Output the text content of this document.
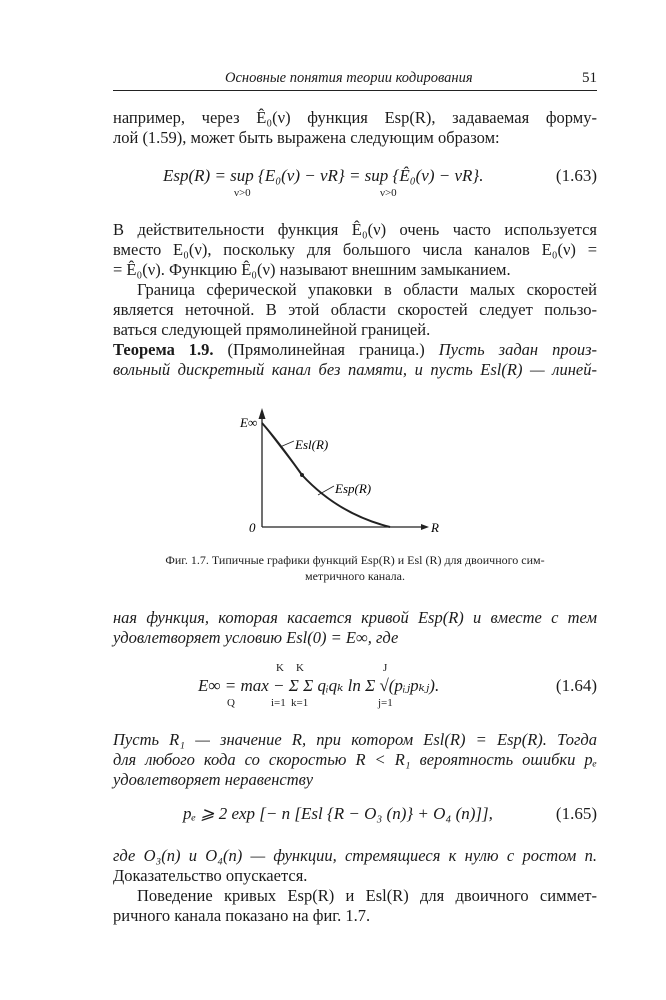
Основные понятия теории кодирования	51
например, через Ê₀(ν) функция Esp(R), задаваемая форму-
лой (1.59), может быть выражена следующим образом:
Esp(R) = sup {E₀(ν) − νR} = sup {Ê₀(ν) − νR}.
ν>0	ν>0
(1.63)
В действительности функция Ê₀(ν) очень часто используется
вместо E₀(ν), поскольку для большого числа каналов E₀(ν) =
= Ê₀(ν). Функцию Ê₀(ν) называют внешним замыканием.
Граница сферической упаковки в области малых скоростей
является неточной. В этой области скоростей следует пользо-
ваться следующей прямолинейной границей.
Теорема 1.9. (Прямолинейная граница.) Пусть задан произ-
вольный дискретный канал без памяти, и пусть Esl(R) — линей-
E∞
0	R
Esl(R)
Esp(R)
Фиг. 1.7. Типичные графики функций Esp(R) и Esl (R) для двоичного сим-
метричного канала.
ная функция, которая касается кривой Esp(R) и вместе с тем
удовлетворяет условию Esl(0) = E∞, где
E∞ = max − Σ Σ qᵢqₖ ln Σ √(pᵢⱼpₖⱼ).
Q
K
i=1
K
k=1
J
j=1
(1.64)
Пусть R₁ — значение R, при котором Esl(R) = Esp(R). Тогда
для любого кода со скоростью R < R₁ вероятность ошибки pₑ
удовлетворяет неравенству
pₑ ⩾ 2 exp [− n [Esl {R − O₃ (n)} + O₄ (n)]],	(1.65)
где O₃(n) и O₄(n) — функции, стремящиеся к нулю с ростом n.
Доказательство опускается.
Поведение кривых Esp(R) и Esl(R) для двоичного симмет-
ричного канала показано на фиг. 1.7.
